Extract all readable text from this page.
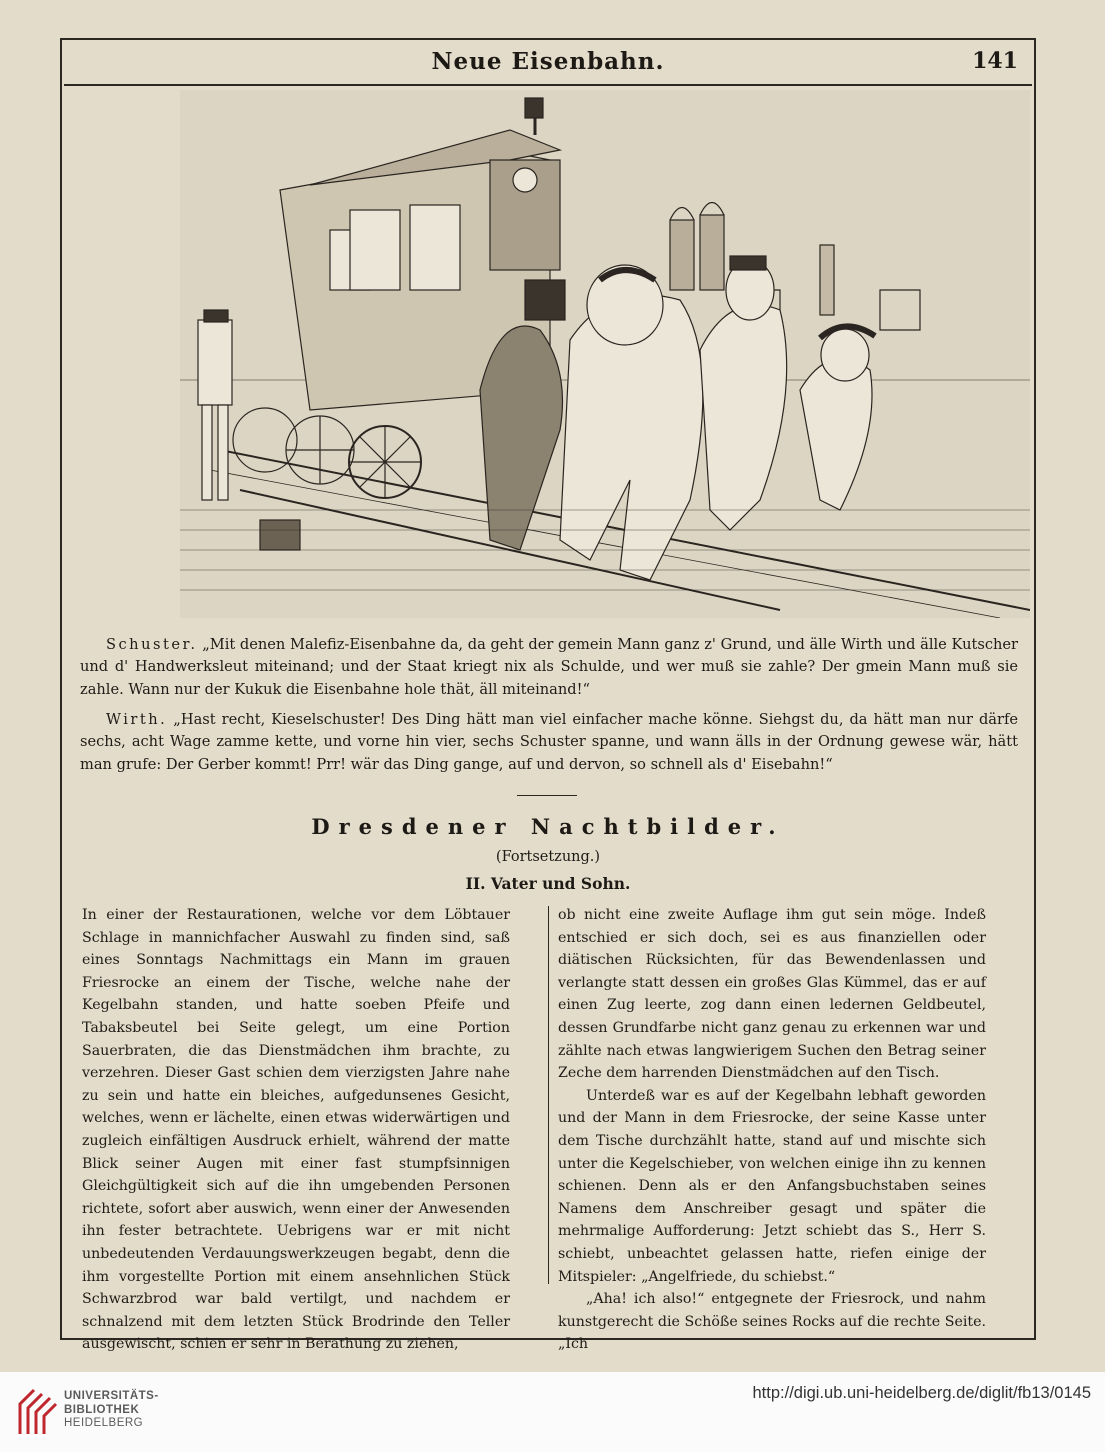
Neue Eisenbahn.	141
Schuster. „Mit denen Malefiz-Eisenbahne da, da geht der gemein Mann ganz z' Grund, und älle Wirth und älle Kutscher und d' Handwerksleut miteinand; und der Staat kriegt nix als Schulde, und wer muß sie zahle? Der gmein Mann muß sie zahle. Wann nur der Kukuk die Eisenbahne hole thät, äll miteinand!“
Wirth. „Hast recht, Kieselschuster! Des Ding hätt man viel einfacher mache könne. Siehgst du, da hätt man nur därfe sechs, acht Wage zamme kette, und vorne hin vier, sechs Schuster spanne, und wann älls in der Ordnung gewese wär, hätt man grufe: Der Gerber kommt! Prr! wär das Ding gange, auf und dervon, so schnell als d' Eisebahn!“
Dresdener Nachtbilder.
(Fortsetzung.)
II. Vater und Sohn.

In einer der Restaurationen, welche vor dem Löbtauer Schlage in mannichfacher Auswahl zu finden sind, saß eines Sonntags Nachmittags ein Mann im grauen Friesrocke an einem der Tische, welche nahe der Kegelbahn standen, und hatte soeben Pfeife und Tabaksbeutel bei Seite gelegt, um eine Portion Sauerbraten, die das Dienstmädchen ihm brachte, zu verzehren. Dieser Gast schien dem vierzigsten Jahre nahe zu sein und hatte ein bleiches, aufgedunsenes Gesicht, welches, wenn er lächelte, einen etwas widerwärtigen und zugleich einfältigen Ausdruck erhielt, während der matte Blick seiner Augen mit einer fast stumpfsinnigen Gleichgültigkeit sich auf die ihn umgebenden Personen richtete, sofort aber auswich, wenn einer der Anwesenden ihn fester betrachtete. Uebrigens war er mit nicht unbedeutenden Verdauungswerkzeugen begabt, denn die ihm vorgestellte Portion mit einem ansehnlichen Stück Schwarzbrod war bald vertilgt, und nachdem er schnalzend mit dem letzten Stück Brodrinde den Teller ausgewischt, schien er sehr in Berathung zu ziehen,

ob nicht eine zweite Auflage ihm gut sein möge. Indeß entschied er sich doch, sei es aus finanziellen oder diätischen Rücksichten, für das Bewendenlassen und verlangte statt dessen ein großes Glas Kümmel, das er auf einen Zug leerte, zog dann einen ledernen Geldbeutel, dessen Grundfarbe nicht ganz genau zu erkennen war und zählte nach etwas langwierigem Suchen den Betrag seiner Zeche dem harrenden Dienstmädchen auf den Tisch.

Unterdeß war es auf der Kegelbahn lebhaft geworden und der Mann in dem Friesrocke, der seine Kasse unter dem Tische durchzählt hatte, stand auf und mischte sich unter die Kegelschieber, von welchen einige ihn zu kennen schienen. Denn als er den Anfangsbuchstaben seines Namens dem Anschreiber gesagt und später die mehrmalige Aufforderung: Jetzt schiebt das S., Herr S. schiebt, unbeachtet gelassen hatte, riefen einige der Mitspieler: „Angelfriede, du schiebst.“

„Aha! ich also!“ entgegnete der Friesrock, und nahm kunstgerecht die Schöße seines Rocks auf die rechte Seite. „Ich

UNIVERSITÄTS-
BIBLIOTHEK
HEIDELBERG
http://digi.ub.uni-heidelberg.de/diglit/fb13/0145
